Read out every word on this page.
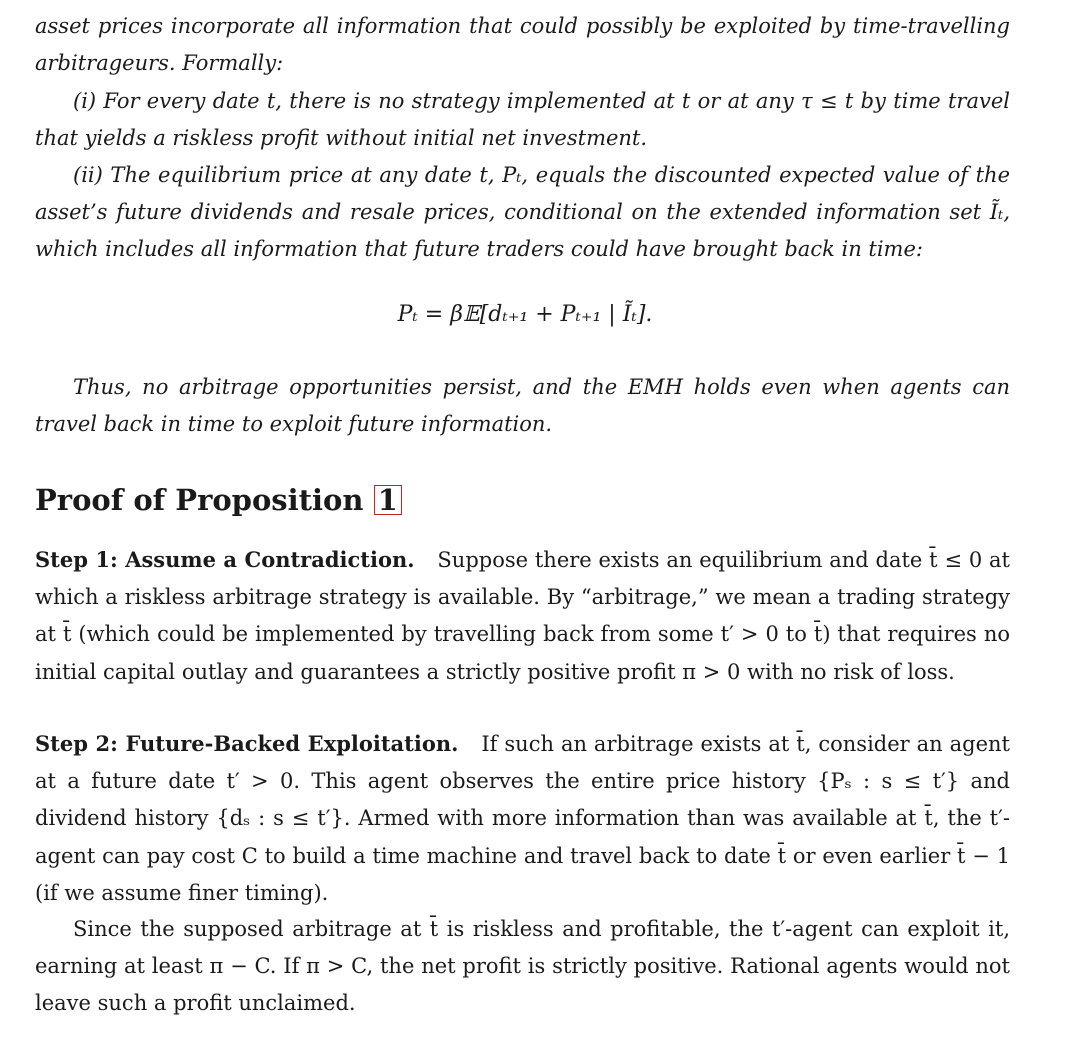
asset prices incorporate all information that could possibly be exploited by time-travelling arbitrageurs. Formally:

(i) For every date t, there is no strategy implemented at t or at any τ ≤ t by time travel that yields a riskless profit without initial net investment.

(ii) The equilibrium price at any date t, Pₜ, equals the discounted expected value of the asset’s future dividends and resale prices, conditional on the extended information set Ĩₜ, which includes all information that future traders could have brought back in time:

Pₜ = β𝔼[dₜ₊₁ + Pₜ₊₁ | Ĩₜ].

Thus, no arbitrage opportunities persist, and the EMH holds even when agents can travel back in time to exploit future information.

Proof of Proposition 1

Step 1: Assume a Contradiction. Suppose there exists an equilibrium and date t̄ ≤ 0 at which a riskless arbitrage strategy is available. By “arbitrage,” we mean a trading strategy at t̄ (which could be implemented by travelling back from some t′ > 0 to t̄) that requires no initial capital outlay and guarantees a strictly positive profit π > 0 with no risk of loss.

Step 2: Future-Backed Exploitation. If such an arbitrage exists at t̄, consider an agent at a future date t′ > 0. This agent observes the entire price history {Pₛ : s ≤ t′} and dividend history {dₛ : s ≤ t′}. Armed with more information than was available at t̄, the t′-agent can pay cost C to build a time machine and travel back to date t̄ or even earlier t̄ − 1 (if we assume finer timing).

Since the supposed arbitrage at t̄ is riskless and profitable, the t′-agent can exploit it, earning at least π − C. If π > C, the net profit is strictly positive. Rational agents would not leave such a profit unclaimed.
